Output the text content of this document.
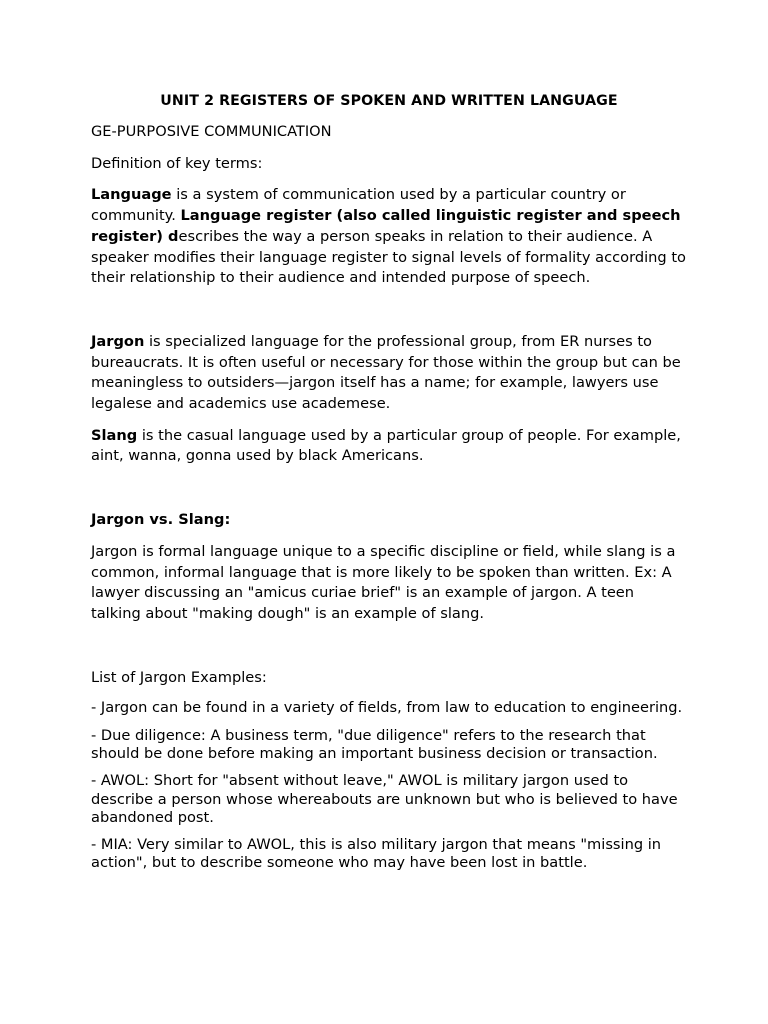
UNIT 2 REGISTERS OF SPOKEN AND WRITTEN LANGUAGE

GE-PURPOSIVE COMMUNICATION

Definition of key terms:

Language is a system of communication used by a particular country or community. Language register (also called linguistic register and speech register) describes the way a person speaks in relation to their audience. A speaker modifies their language register to signal levels of formality according to their relationship to their audience and intended purpose of speech.

Jargon is specialized language for the professional group, from ER nurses to bureaucrats. It is often useful or necessary for those within the group but can be meaningless to outsiders—jargon itself has a name; for example, lawyers use legalese and academics use academese.

Slang is the casual language used by a particular group of people. For example, aint, wanna, gonna used by black Americans.

Jargon vs. Slang:

Jargon is formal language unique to a specific discipline or field, while slang is a common, informal language that is more likely to be spoken than written. Ex: A lawyer discussing an "amicus curiae brief" is an example of jargon. A teen talking about "making dough" is an example of slang.

List of Jargon Examples:

- Jargon can be found in a variety of fields, from law to education to engineering.

- Due diligence: A business term, "due diligence" refers to the research that should be done before making an important business decision or transaction.

- AWOL: Short for "absent without leave," AWOL is military jargon used to describe a person whose whereabouts are unknown but who is believed to have abandoned post.

- MIA: Very similar to AWOL, this is also military jargon that means "missing in action", but to describe someone who may have been lost in battle.
